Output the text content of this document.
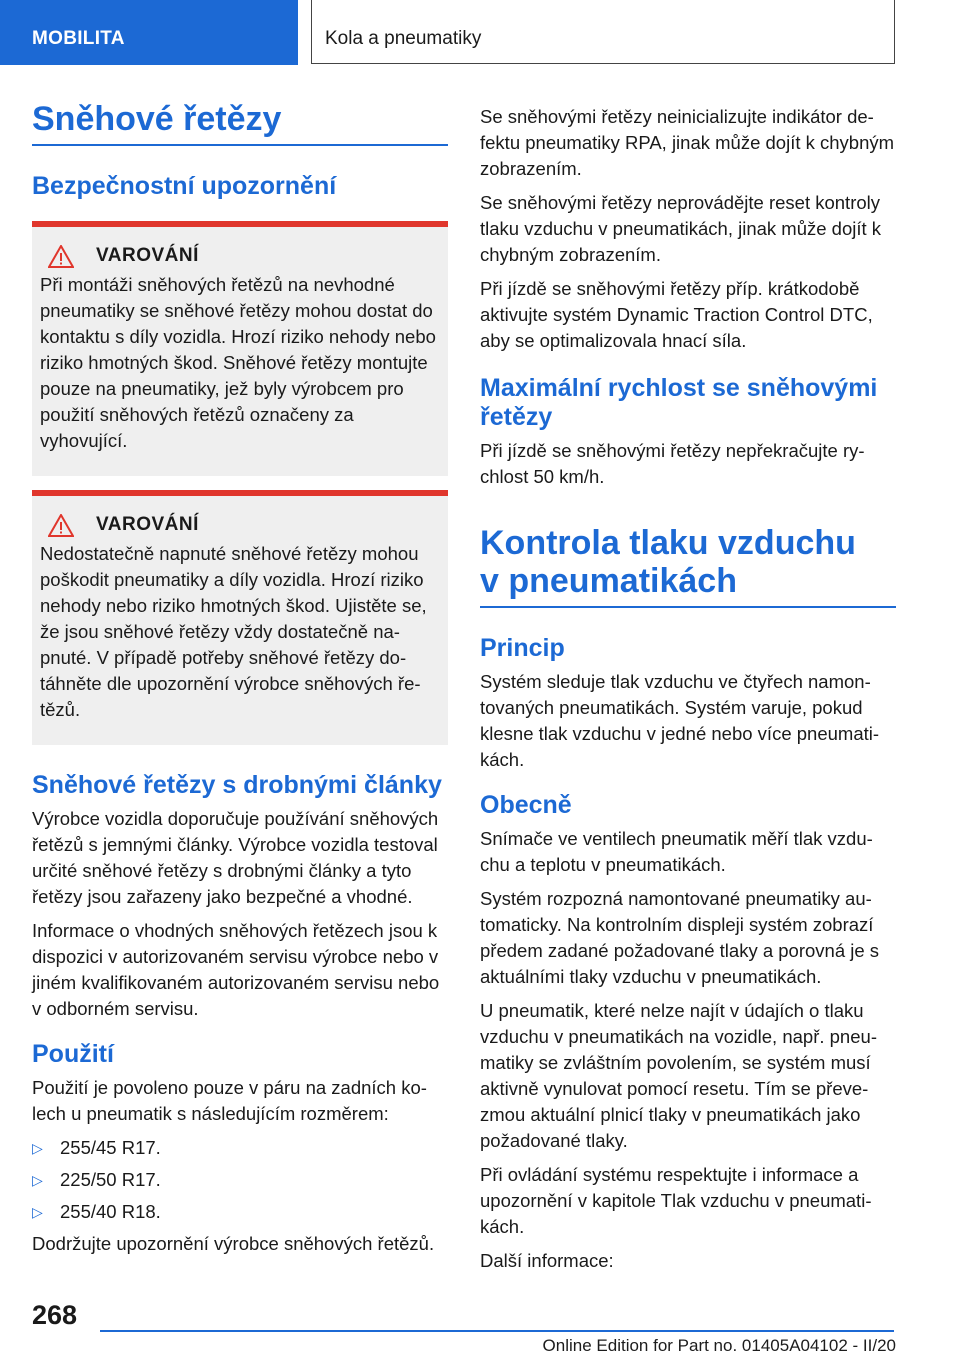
MOBILITA	Kola a pneumatiky
Sněhové řetězy
Bezpečnostní upozornění
VAROVÁNÍ

Při montáži sněhových řetězů na nevhodné pneumatiky se sněhové řetězy mohou dostat do kontaktu s díly vozidla. Hrozí riziko nehody nebo riziko hmotných škod. Sněhové řetězy montujte pouze na pneumatiky, jež byly výrobcem pro použití sněhových řetězů označeny za vyhovující.

VAROVÁNÍ

Nedostatečně napnuté sněhové řetězy mohou poškodit pneumatiky a díly vozidla. Hrozí riziko nehody nebo riziko hmotných škod. Ujistěte se, že jsou sněhové řetězy vždy dostatečně napnuté. V případě potřeby sněhové řetězy dotáhněte dle upozornění výrobce sněhových řetězů.

Sněhové řetězy s drobnými články

Výrobce vozidla doporučuje používání sněhových řetězů s jemnými články. Výrobce vozidla testoval určité sněhové řetězy s drobnými články a tyto řetězy jsou zařazeny jako bezpečné a vhodné.

Informace o vhodných sněhových řetězech jsou k dispozici v autorizovaném servisu výrobce nebo v jiném kvalifikovaném autorizovaném servisu nebo v odborném servisu.

Použití

Použití je povoleno pouze v páru na zadních kolech u pneumatik s následujícím rozměrem:

▷ 255/45 R17.
▷ 225/50 R17.
▷ 255/40 R18.

Dodržujte upozornění výrobce sněhových řetězů.

Se sněhovými řetězy neinicializujte indikátor defektu pneumatiky RPA, jinak může dojít k chybným zobrazením.

Se sněhovými řetězy neprovádějte reset kontroly tlaku vzduchu v pneumatikách, jinak může dojít k chybným zobrazením.

Při jízdě se sněhovými řetězy příp. krátkodobě aktivujte systém Dynamic Traction Control DTC, aby se optimalizovala hnací síla.

Maximální rychlost se sněhovými řetězy

Při jízdě se sněhovými řetězy nepřekračujte rychlost 50 km/h.

Kontrola tlaku vzduchu
v pneumatikách
Princip

Systém sleduje tlak vzduchu ve čtyřech namontovaných pneumatikách. Systém varuje, pokud klesne tlak vzduchu v jedné nebo více pneumatikách.

Obecně

Snímače ve ventilech pneumatik měří tlak vzduchu a teplotu v pneumatikách.

Systém rozpozná namontované pneumatiky automaticky. Na kontrolním displeji systém zobrazí předem zadané požadované tlaky a porovná je s aktuálními tlaky vzduchu v pneumatikách.

U pneumatik, které nelze najít v údajích o tlaku vzduchu v pneumatikách na vozidle, např. pneumatiky se zvláštním povolením, se systém musí aktivně vynulovat pomocí resetu. Tím se převezmou aktuální plnicí tlaky v pneumatikách jako požadované tlaky.

Při ovládání systému respektujte i informace a upozornění v kapitole Tlak vzduchu v pneumatikách.

Další informace:

268
Online Edition for Part no. 01405A04102 - II/20
